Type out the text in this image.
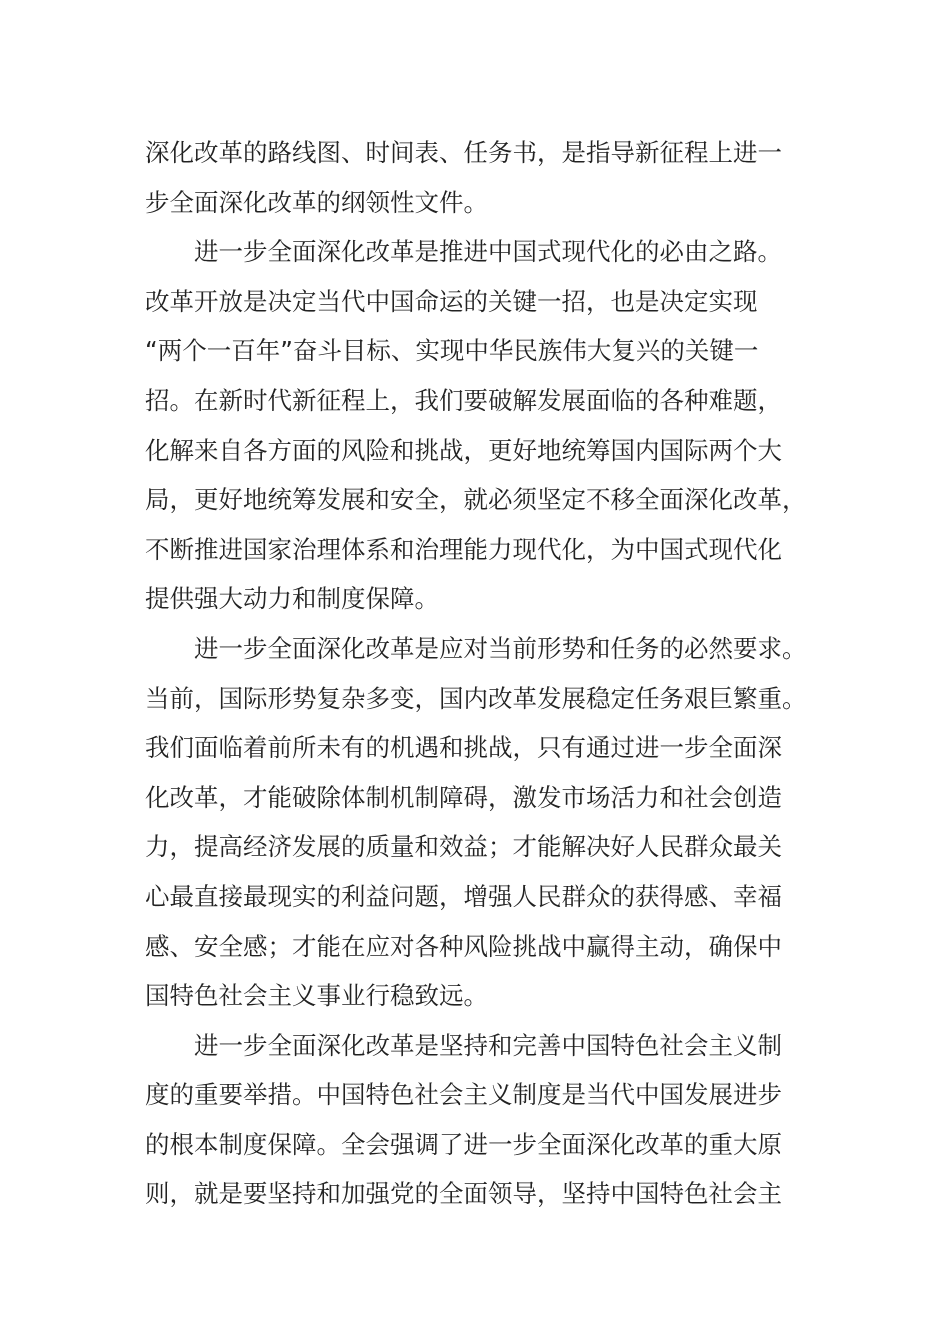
深化改革的路线图、时间表、任务书，是指导新征程上进一
步全面深化改革的纲领性文件。
进一步全面深化改革是推进中国式现代化的必由之路。
改革开放是决定当代中国命运的关键一招，也是决定实现
“两个一百年”奋斗目标、实现中华民族伟大复兴的关键一
招。在新时代新征程上，我们要破解发展面临的各种难题，
化解来自各方面的风险和挑战，更好地统筹国内国际两个大
局，更好地统筹发展和安全，就必须坚定不移全面深化改革，
不断推进国家治理体系和治理能力现代化，为中国式现代化
提供强大动力和制度保障。
进一步全面深化改革是应对当前形势和任务的必然要求。
当前，国际形势复杂多变，国内改革发展稳定任务艰巨繁重。
我们面临着前所未有的机遇和挑战，只有通过进一步全面深
化改革，才能破除体制机制障碍，激发市场活力和社会创造
力，提高经济发展的质量和效益；才能解决好人民群众最关
心最直接最现实的利益问题，增强人民群众的获得感、幸福
感、安全感；才能在应对各种风险挑战中赢得主动，确保中
国特色社会主义事业行稳致远。
进一步全面深化改革是坚持和完善中国特色社会主义制
度的重要举措。中国特色社会主义制度是当代中国发展进步
的根本制度保障。全会强调了进一步全面深化改革的重大原
则，就是要坚持和加强党的全面领导，坚持中国特色社会主
